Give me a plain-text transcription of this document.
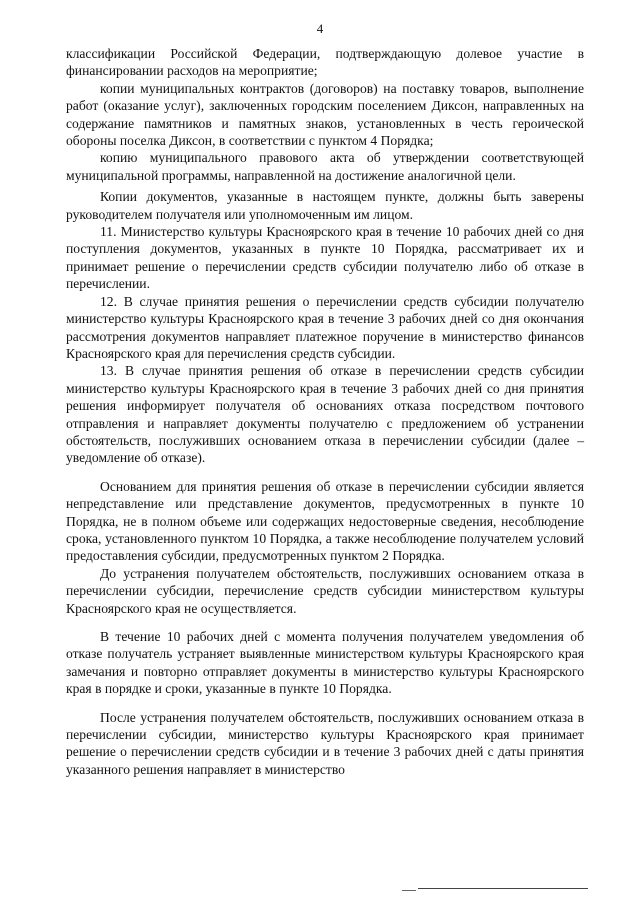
4

классификации Российской Федерации, подтверждающую долевое участие в финансировании расходов на мероприятие;

копии муниципальных контрактов (договоров) на поставку товаров, выполнение работ (оказание услуг), заключенных городским поселением Диксон, направленных на содержание памятников и памятных знаков, установленных в честь героической обороны поселка Диксон, в соответствии с пунктом 4 Порядка;

копию муниципального правового акта об утверждении соответствующей муниципальной программы, направленной на достижение аналогичной цели.

Копии документов, указанные в настоящем пункте, должны быть заверены руководителем получателя или уполномоченным им лицом.

11. Министерство культуры Красноярского края в течение 10 рабочих дней со дня поступления документов, указанных в пункте 10 Порядка, рассматривает их и принимает решение о перечислении средств субсидии получателю либо об отказе в перечислении.

12. В случае принятия решения о перечислении средств субсидии получателю министерство культуры Красноярского края в течение 3 рабочих дней со дня окончания рассмотрения документов направляет платежное поручение в министерство финансов Красноярского края для перечисления средств субсидии.

13. В случае принятия решения об отказе в перечислении средств субсидии министерство культуры Красноярского края в течение 3 рабочих дней со дня принятия решения информирует получателя об основаниях отказа посредством почтового отправления и направляет документы получателю с предложением об устранении обстоятельств, послуживших основанием отказа в перечислении субсидии (далее – уведомление об отказе).

Основанием для принятия решения об отказе в перечислении субсидии является непредставление или представление документов, предусмотренных в пункте 10 Порядка, не в полном объеме или содержащих недостоверные сведения, несоблюдение срока, установленного пунктом 10 Порядка, а также несоблюдение получателем условий предоставления субсидии, предусмотренных пунктом 2 Порядка.

До устранения получателем обстоятельств, послуживших основанием отказа в перечислении субсидии, перечисление средств субсидии министерством культуры Красноярского края не осуществляется.

В течение 10 рабочих дней с момента получения получателем уведомления об отказе получатель устраняет выявленные министерством культуры Красноярского края замечания и повторно отправляет документы в министерство культуры Красноярского края в порядке и сроки, указанные в пункте 10 Порядка.

После устранения получателем обстоятельств, послуживших основанием отказа в перечислении субсидии, министерство культуры Красноярского края принимает решение о перечислении средств субсидии и в течение 3 рабочих дней с даты принятия указанного решения направляет в министерство
